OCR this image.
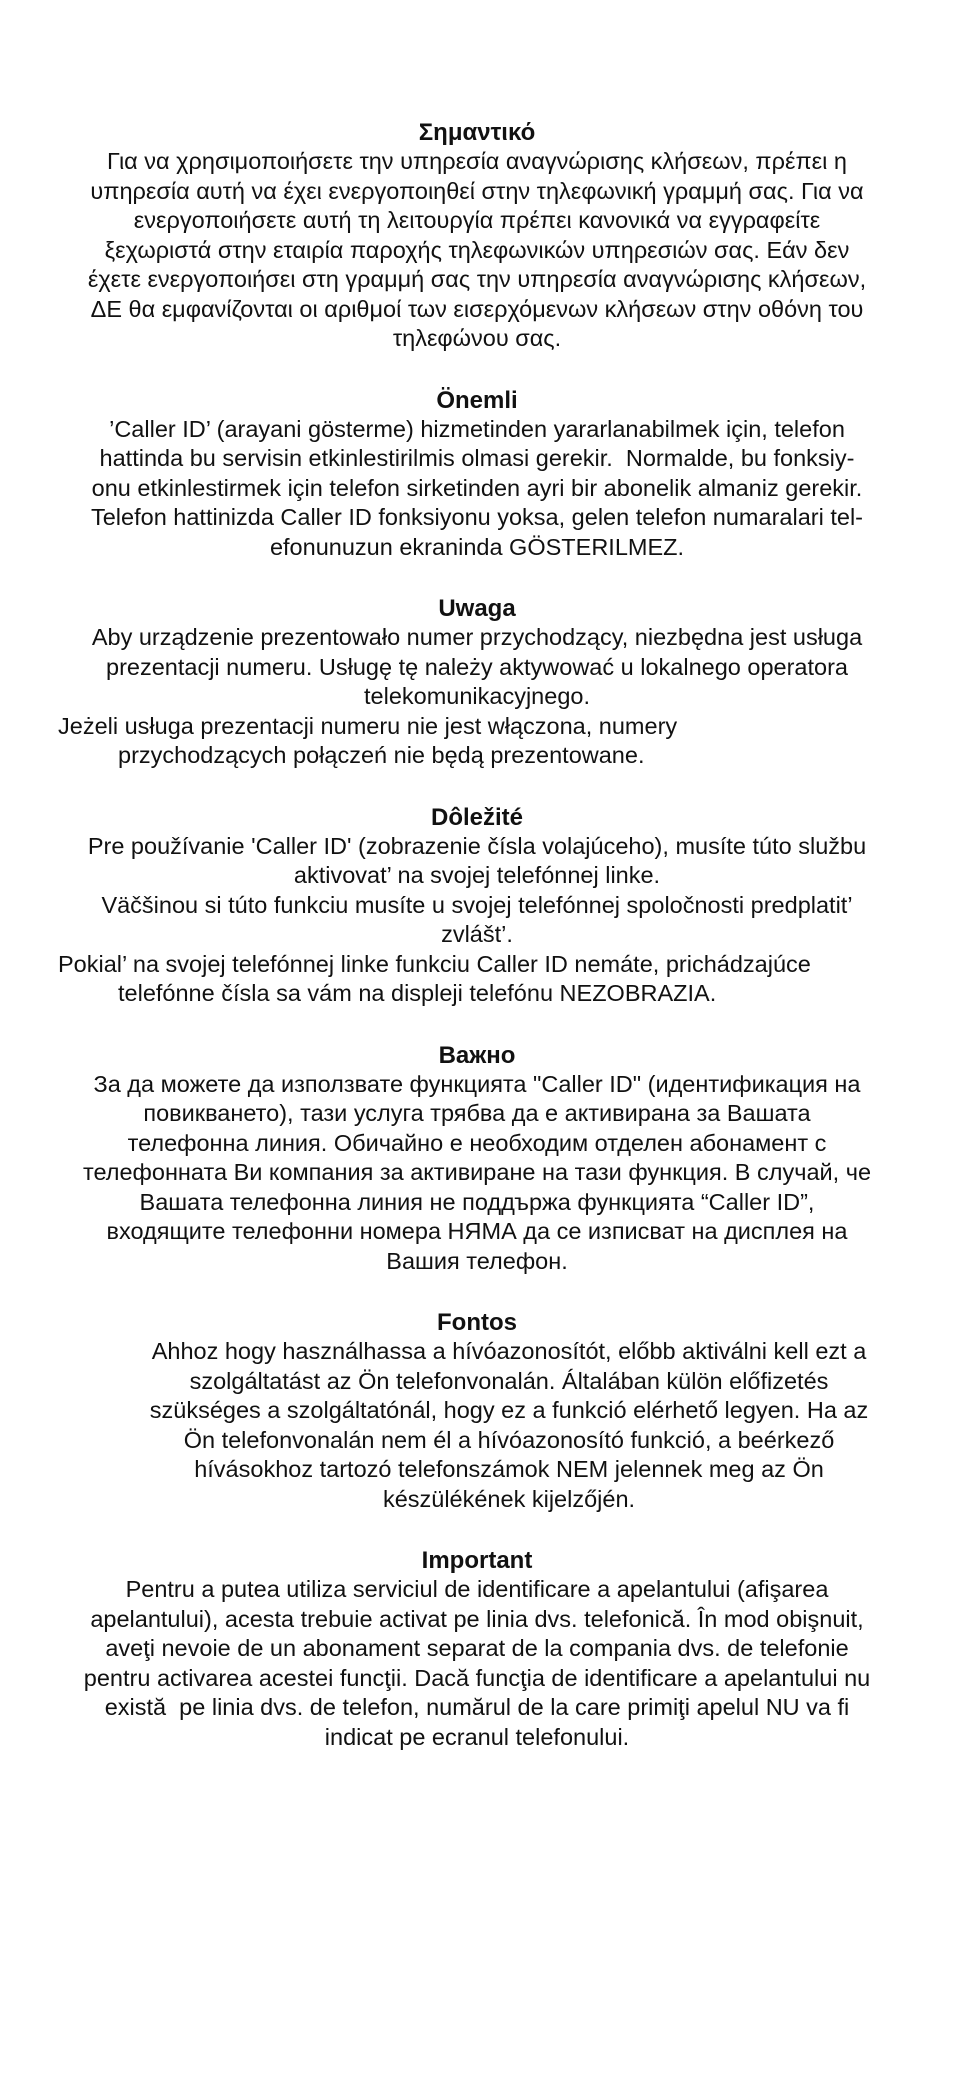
Σημαντικό

Για να χρησιμοποιήσετε την υπηρεσία αναγνώρισης κλήσεων, πρέπει η

υπηρεσία αυτή να έχει ενεργοποιηθεί στην τηλεφωνική γραμμή σας. Για να

ενεργοποιήσετε αυτή τη λειτουργία πρέπει κανονικά να εγγραφείτε

ξεχωριστά στην εταιρία παροχής τηλεφωνικών υπηρεσιών σας. Εάν δεν

έχετε ενεργοποιήσει στη γραμμή σας την υπηρεσία αναγνώρισης κλήσεων,

ΔΕ θα εμφανίζονται οι αριθμοί των εισερχόμενων κλήσεων στην οθόνη του

τηλεφώνου σας.

Önemli

’Caller ID’ (arayani gösterme) hizmetinden yararlanabilmek için, telefon

hattinda bu servisin etkinlestirilmis olmasi gerekir.  Normalde, bu fonksiy-

onu etkinlestirmek için telefon sirketinden ayri bir abonelik almaniz gerekir.

Telefon hattinizda Caller ID fonksiyonu yoksa, gelen telefon numaralari tel-

efonunuzun ekraninda GÖSTERILMEZ.

Uwaga

Aby urządzenie prezentowało numer przychodzący, niezbędna jest usługa

prezentacji numeru. Usługę tę należy aktywować u lokalnego operatora

telekomunikacyjnego.

Jeżeli usługa prezentacji numeru nie jest włączona, numery

przychodzących połączeń nie będą prezentowane.

Dôležité

Pre používanie 'Caller ID' (zobrazenie čísla volajúceho), musíte túto službu

aktivovat’ na svojej telefónnej linke.

Väčšinou si túto funkciu musíte u svojej telefónnej spoločnosti predplatit’

zvlášt’.

Pokial’ na svojej telefónnej linke funkciu Caller ID nemáte, prichádzajúce

telefónne čísla sa vám na displeji telefónu NEZOBRAZIA.

Важно

За да можете да използвате функцията "Caller ID" (идентификация на

повикването), тази услуга трябва да е активирана за Вашата

телефонна линия. Обичайно е необходим отделен абонамент с

телефонната Ви компания за активиране на тази функция. В случай, че

Вашата телефонна линия не поддържа функцията “Caller ID”,

входящите телефонни номера НЯМА да се изписват на дисплея на

Вашия телефон.

Fontos

Ahhoz hogy használhassa a hívóazonosítót, előbb aktiválni kell ezt a

szolgáltatást az Ön telefonvonalán. Általában külön előfizetés

szükséges a szolgáltatónál, hogy ez a funkció elérhető legyen. Ha az

Ön telefonvonalán nem él a hívóazonosító funkció, a beérkező

hívásokhoz tartozó telefonszámok NEM jelennek meg az Ön

készülékének kijelzőjén.

Important

Pentru a putea utiliza serviciul de identificare a apelantului (afişarea

apelantului), acesta trebuie activat pe linia dvs. telefonică. În mod obişnuit,

aveţi nevoie de un abonament separat de la compania dvs. de telefonie

pentru activarea acestei funcţii. Dacă funcţia de identificare a apelantului nu

există  pe linia dvs. de telefon, numărul de la care primiţi apelul NU va fi

indicat pe ecranul telefonului.
